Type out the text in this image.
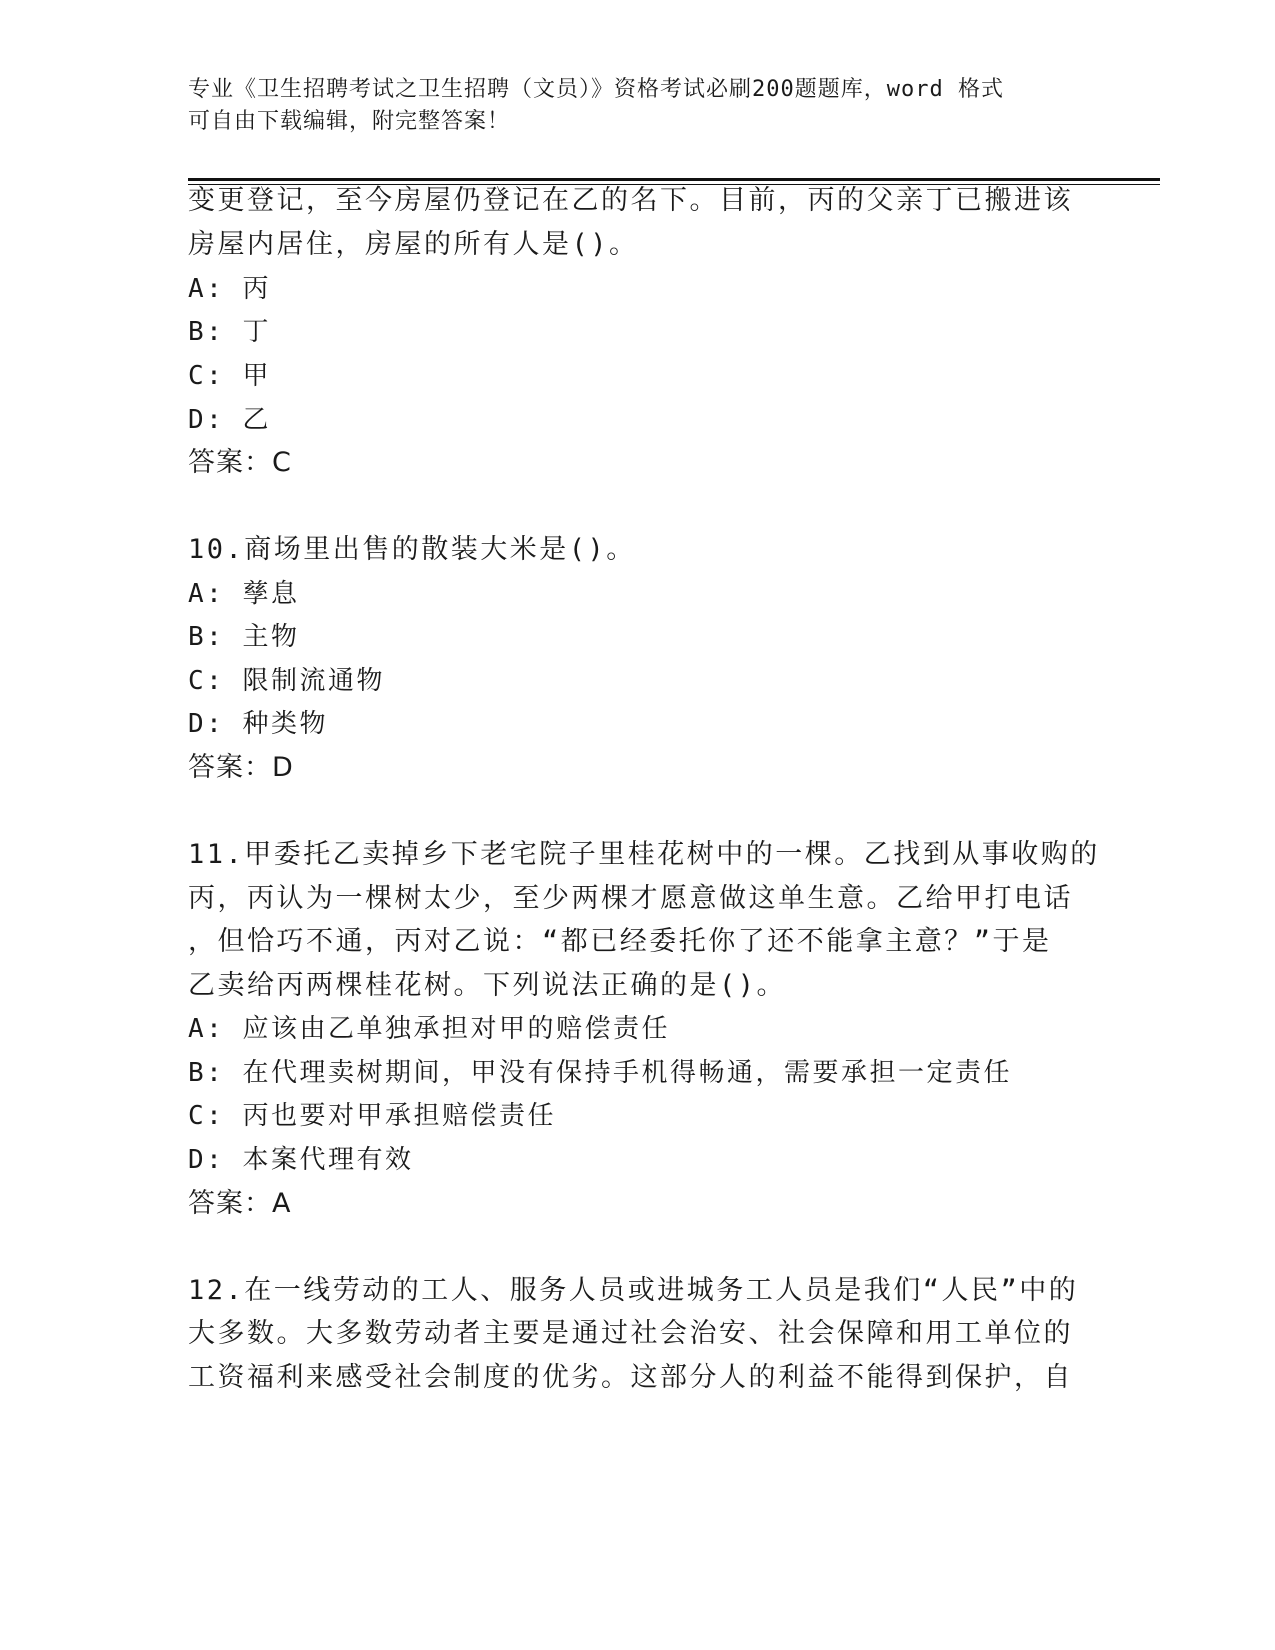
专业《卫生招聘考试之卫生招聘（文员）》资格考试必刷200题题库，word 格式
可自由下载编辑，附完整答案！
变更登记，至今房屋仍登记在乙的名下。目前，丙的父亲丁已搬进该
房屋内居住，房屋的所有人是()。
A: 丙
B: 丁
C: 甲
D: 乙
答案：C
10.商场里出售的散装大米是()。
A: 孳息
B: 主物
C: 限制流通物
D: 种类物
答案：D
11.甲委托乙卖掉乡下老宅院子里桂花树中的一棵。乙找到从事收购的
丙，丙认为一棵树太少，至少两棵才愿意做这单生意。乙给甲打电话
，但恰巧不通，丙对乙说：“都已经委托你了还不能拿主意？”于是
乙卖给丙两棵桂花树。下列说法正确的是()。
A: 应该由乙单独承担对甲的赔偿责任
B: 在代理卖树期间，甲没有保持手机得畅通，需要承担一定责任
C: 丙也要对甲承担赔偿责任
D: 本案代理有效
答案：A
12.在一线劳动的工人、服务人员或进城务工人员是我们“人民”中的
大多数。大多数劳动者主要是通过社会治安、社会保障和用工单位的
工资福利来感受社会制度的优劣。这部分人的利益不能得到保护，自
